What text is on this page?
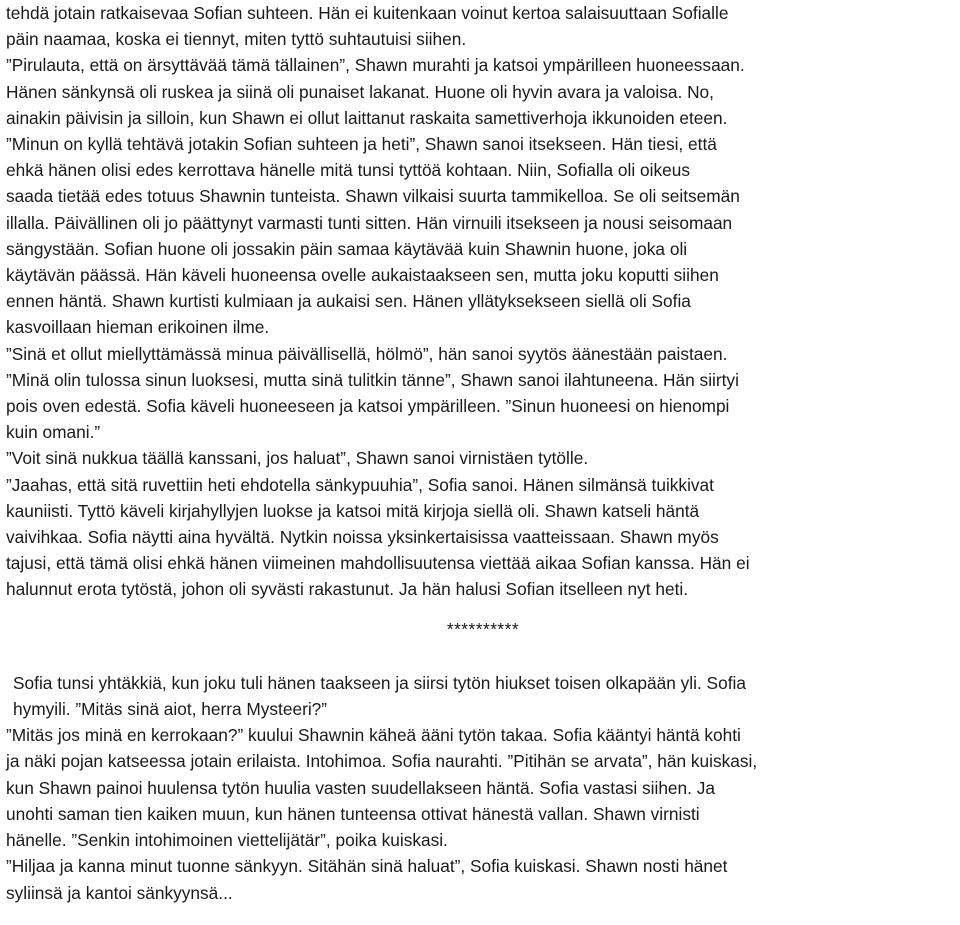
tehdä jotain ratkaisevaa Sofian suhteen. Hän ei kuitenkaan voinut kertoa salaisuuttaan Sofialle
päin naamaa, koska ei tiennyt, miten tyttö suhtautuisi siihen.

”Pirulauta, että on ärsyttävää tämä tällainen”, Shawn murahti ja katsoi ympärilleen huoneessaan.
Hänen sänkynsä oli ruskea ja siinä oli punaiset lakanat. Huone oli hyvin avara ja valoisa. No,
ainakin päivisin ja silloin, kun Shawn ei ollut laittanut raskaita samettiverhoja ikkunoiden eteen.

”Minun on kyllä tehtävä jotakin Sofian suhteen ja heti”, Shawn sanoi itsekseen. Hän tiesi, että
ehkä hänen olisi edes kerrottava hänelle mitä tunsi tyttöä kohtaan. Niin, Sofialla oli oikeus
saada tietää edes totuus Shawnin tunteista. Shawn vilkaisi suurta tammikelloa. Se oli seitsemän
illalla. Päivällinen oli jo päättynyt varmasti tunti sitten. Hän virnuili itsekseen ja nousi seisomaan
sängystään. Sofian huone oli jossakin päin samaa käytävää kuin Shawnin huone, joka oli
käytävän päässä. Hän käveli huoneensa ovelle aukaistaakseen sen, mutta joku koputti siihen
ennen häntä. Shawn kurtisti kulmiaan ja aukaisi sen. Hänen yllätyksekseen siellä oli Sofia
kasvoillaan hieman erikoinen ilme.

”Sinä et ollut miellyttämässä minua päivällisellä, hölmö”, hän sanoi syytös äänestään paistaen.

”Minä olin tulossa sinun luoksesi, mutta sinä tulitkin tänne”, Shawn sanoi ilahtuneena. Hän siirtyi
pois oven edestä. Sofia käveli huoneeseen ja katsoi ympärilleen. ”Sinun huoneesi on hienompi
kuin omani.”

”Voit sinä nukkua täällä kanssani, jos haluat”, Shawn sanoi virnistäen tytölle.

”Jaahas, että sitä ruvettiin heti ehdotella sänkypuuhia”, Sofia sanoi. Hänen silmänsä tuikkivat
kauniisti. Tyttö käveli kirjahyllyjen luokse ja katsoi mitä kirjoja siellä oli. Shawn katseli häntä
vaivihkaa. Sofia näytti aina hyvältä. Nytkin noissa yksinkertaisissa vaatteissaan. Shawn myös
tajusi, että tämä olisi ehkä hänen viimeinen mahdollisuutensa viettää aikaa Sofian kanssa. Hän ei
halunnut erota tytöstä, johon oli syvästi rakastunut. Ja hän halusi Sofian itselleen nyt heti.

**********

Sofia tunsi yhtäkkiä, kun joku tuli hänen taakseen ja siirsi tytön hiukset toisen olkapään yli. Sofia
hymyili. ”Mitäs sinä aiot, herra Mysteeri?”

”Mitäs jos minä en kerrokaan?” kuului Shawnin käheä ääni tytön takaa. Sofia kääntyi häntä kohti
ja näki pojan katseessa jotain erilaista. Intohimoa. Sofia naurahti. ”Pitihän se arvata”, hän kuiskasi,
kun Shawn painoi huulensa tytön huulia vasten suudellakseen häntä. Sofia vastasi siihen. Ja
unohti saman tien kaiken muun, kun hänen tunteensa ottivat hänestä vallan. Shawn virnisti
hänelle. ”Senkin intohimoinen viettelijätär”, poika kuiskasi.

”Hiljaa ja kanna minut tuonne sänkyyn. Sitähän sinä haluat”, Sofia kuiskasi. Shawn nosti hänet
syliinsä ja kantoi sänkyynsä...
